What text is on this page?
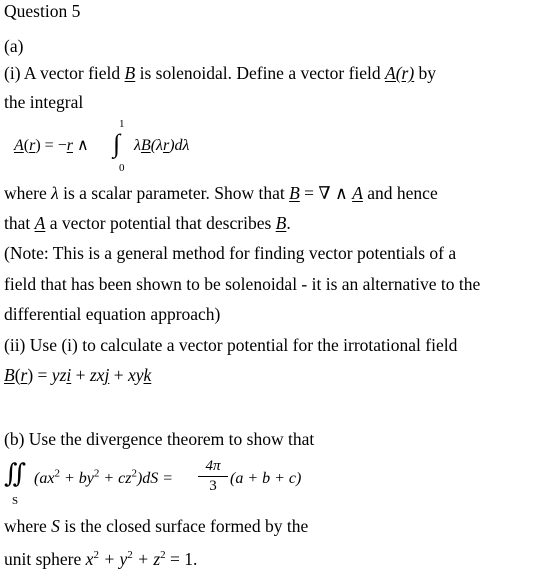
Question 5
(a)
(i) A vector field B is solenoidal. Define a vector field A(r) by
the integral
A(r) = −r ∧
1
∫
0
λB(λr)dλ
where λ is a scalar parameter. Show that B = ∇ ∧ A and hence
that A a vector potential that describes B.
(Note: This is a general method for finding vector potentials of a
field that has been shown to be solenoidal - it is an alternative to the
differential equation approach)
(ii) Use (i) to calculate a vector potential for the irrotational field
B(r) = yzi + zxj + xyk
(b) Use the divergence theorem to show that
∬
S
$(ax^2 + by^2 + cz^2)dS$ =
4π
3 (a + b + c)
where S is the closed surface formed by the
unit sphere $x^2 + y^2 + z^2 = 1$.
